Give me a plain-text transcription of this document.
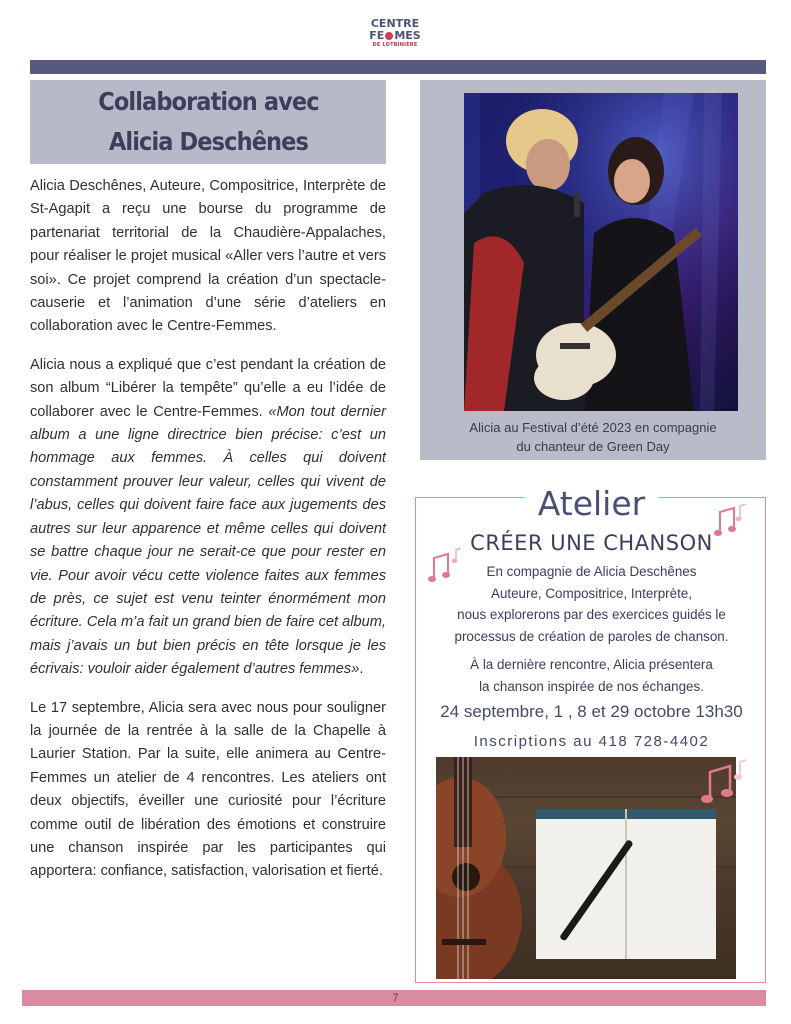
CENTRE
FE MES
DE LOTBINIÈRE
Collaboration avec
Alicia Deschênes

Alicia Deschênes, Auteure, Compositrice, Interprète de St-Agapit a reçu une bourse du programme de partenariat territorial de la Chaudière-Appalaches, pour réaliser le projet musical «Aller vers l’autre et vers soi». Ce projet comprend la création d’un spectacle-causerie et l’animation d’une série d’ateliers en collaboration avec le Centre-Femmes.

Alicia nous a expliqué que c’est pendant la création de son album “Libérer la tempête” qu’elle a eu l’idée de collaborer avec le Centre-Femmes. «Mon tout dernier album a une ligne directrice bien précise: c’est un hommage aux femmes. À celles qui doivent constamment prouver leur valeur, celles qui vivent de l’abus, celles qui doivent faire face aux jugements des autres sur leur apparence et même celles qui doivent se battre chaque jour ne serait-ce que pour rester en vie. Pour avoir vécu cette violence faites aux femmes de près, ce sujet est venu teinter énormément mon écriture. Cela m’a fait un grand bien de faire cet album, mais j’avais un but bien précis en tête lorsque je les écrivais: vouloir aider également d’autres femmes».

Le 17 septembre, Alicia sera avec nous pour souligner la journée de la rentrée à la salle de la Chapelle à Laurier Station. Par la suite, elle animera au Centre-Femmes un atelier de 4 rencontres. Les ateliers ont deux objectifs, éveiller une curiosité pour l’écriture comme outil de libération des émotions et construire une chanson inspirée par les participantes qui apportera: confiance, satisfaction, valorisation et fierté.

Alicia au Festival d’été 2023 en compagnie
du chanteur de Green Day
Atelier
CRÉER UNE CHANSON
En compagnie de Alicia Deschênes
Auteure, Compositrice, Interprète,
nous explorerons par des exercices guidés le
processus de création de paroles de chanson.
À la dernière rencontre, Alicia présentera
la chanson inspirée de nos échanges.
24 septembre, 1 , 8 et 29 octobre 13h30
Inscriptions au 418 728-4402
7
